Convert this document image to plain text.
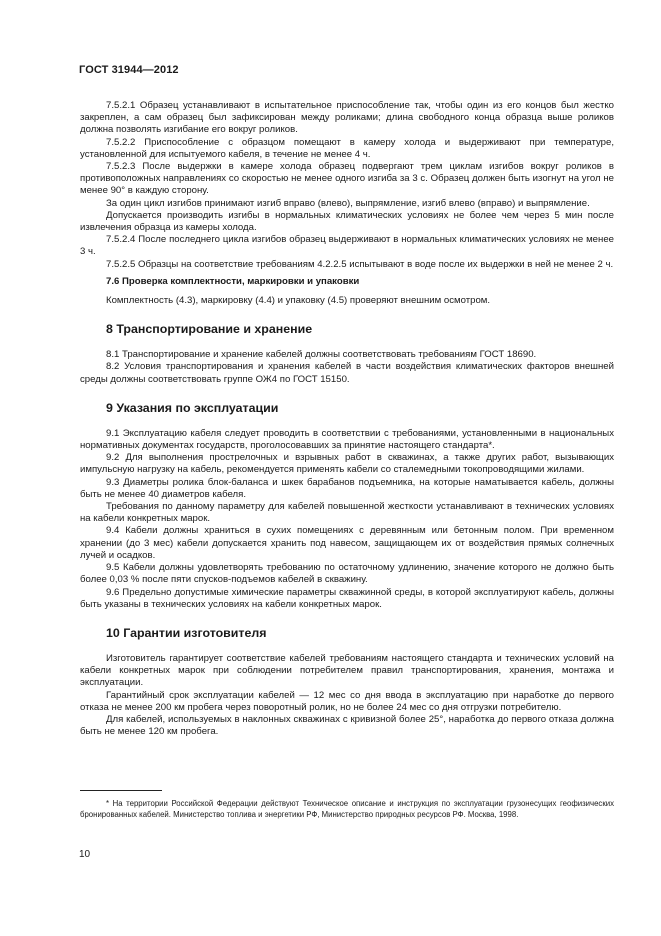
ГОСТ 31944—2012

7.5.2.1 Образец устанавливают в испытательное приспособление так, чтобы один из его концов был жестко закреплен, а сам образец был зафиксирован между роликами; длина свободного конца образца выше роликов должна позволять изгибание его вокруг роликов.

7.5.2.2 Приспособление с образцом помещают в камеру холода и выдерживают при температуре, установленной для испытуемого кабеля, в течение не менее 4 ч.

7.5.2.3 После выдержки в камере холода образец подвергают трем циклам изгибов вокруг роликов в противоположных направлениях со скоростью не менее одного изгиба за 3 с. Образец должен быть изогнут на угол не менее 90° в каждую сторону.

За один цикл изгибов принимают изгиб вправо (влево), выпрямление, изгиб влево (вправо) и выпрямление.

Допускается производить изгибы в нормальных климатических условиях не более чем через 5 мин после извлечения образца из камеры холода.

7.5.2.4 После последнего цикла изгибов образец выдерживают в нормальных климатических условиях не менее 3 ч.

7.5.2.5 Образцы на соответствие требованиям 4.2.2.5 испытывают в воде после их выдержки в ней не менее 2 ч.

7.6 Проверка комплектности, маркировки и упаковки

Комплектность (4.3), маркировку (4.4) и упаковку (4.5) проверяют внешним осмотром.

8 Транспортирование и хранение

8.1 Транспортирование и хранение кабелей должны соответствовать требованиям ГОСТ 18690.

8.2 Условия транспортирования и хранения кабелей в части воздействия климатических факторов внешней среды должны соответствовать группе ОЖ4 по ГОСТ 15150.

9 Указания по эксплуатации

9.1 Эксплуатацию кабеля следует проводить в соответствии с требованиями, установленными в национальных нормативных документах государств, проголосовавших за принятие настоящего стандарта*.

9.2 Для выполнения прострелочных и взрывных работ в скважинах, а также других работ, вызывающих импульсную нагрузку на кабель, рекомендуется применять кабели со сталемедными токопроводящими жилами.

9.3 Диаметры ролика блок-баланса и шкек барабанов подъемника, на которые наматывается кабель, должны быть не менее 40 диаметров кабеля.

Требования по данному параметру для кабелей повышенной жесткости устанавливают в технических условиях на кабели конкретных марок.

9.4 Кабели должны храниться в сухих помещениях с деревянным или бетонным полом. При временном хранении (до 3 мес) кабели допускается хранить под навесом, защищающем их от воздействия прямых солнечных лучей и осадков.

9.5 Кабели должны удовлетворять требованию по остаточному удлинению, значение которого не должно быть более 0,03 % после пяти спусков-подъемов кабелей в скважину.

9.6 Предельно допустимые химические параметры скважинной среды, в которой эксплуатируют кабель, должны быть указаны в технических условиях на кабели конкретных марок.

10 Гарантии изготовителя

Изготовитель гарантирует соответствие кабелей требованиям настоящего стандарта и технических условий на кабели конкретных марок при соблюдении потребителем правил транспортирования, хранения, монтажа и эксплуатации.

Гарантийный срок эксплуатации кабелей — 12 мес со дня ввода в эксплуатацию при наработке до первого отказа не менее 200 км пробега через поворотный ролик, но не более 24 мес со дня отгрузки потребителю.

Для кабелей, используемых в наклонных скважинах с кривизной более 25°, наработка до первого отказа должна быть не менее 120 км пробега.

* На территории Российской Федерации действуют Техническое описание и инструкция по эксплуатации грузонесущих геофизических бронированных кабелей. Министерство топлива и энергетики РФ, Министерство природных ресурсов РФ. Москва, 1998.
10
